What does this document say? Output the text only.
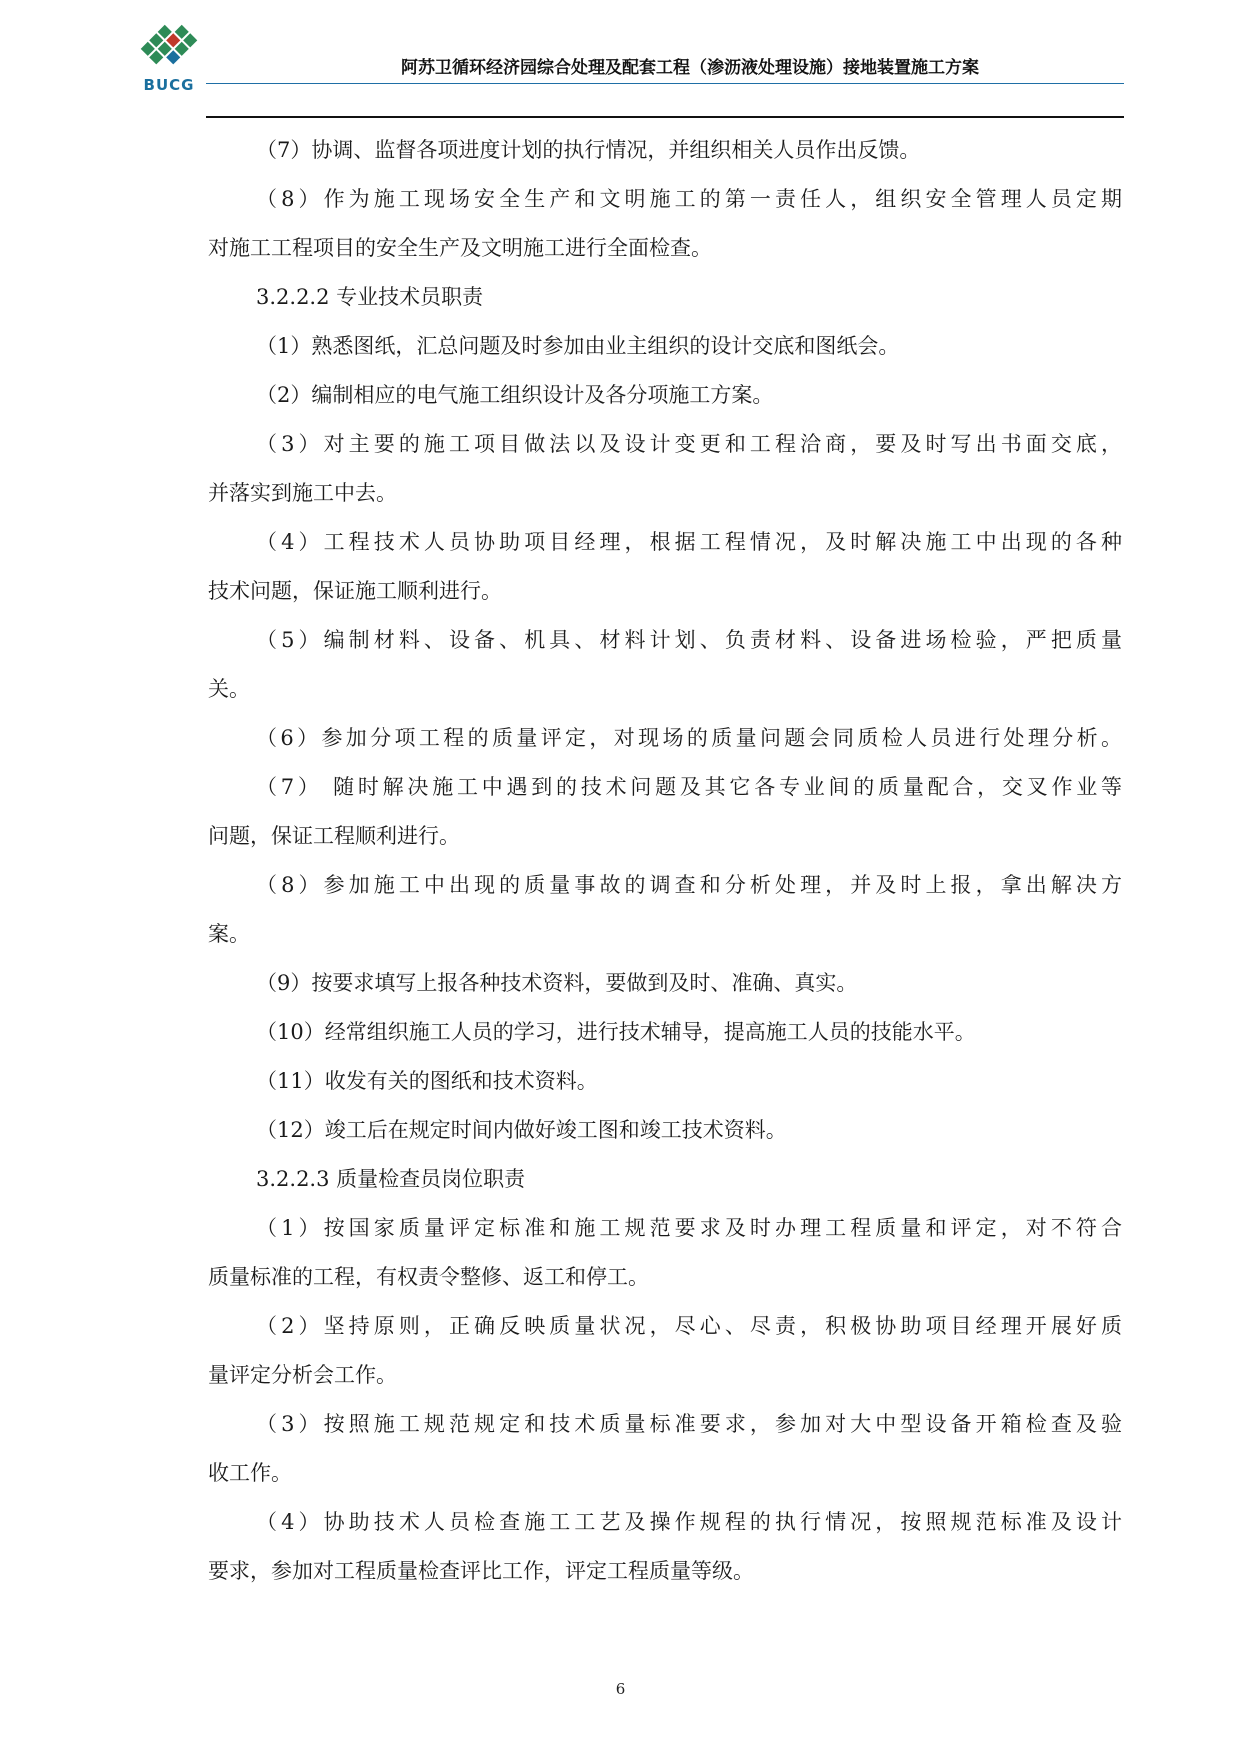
BUCG
阿苏卫循环经济园综合处理及配套工程（渗沥液处理设施）接地装置施工方案
（7）协调、监督各项进度计划的执行情况，并组织相关人员作出反馈。
（8）作为施工现场安全生产和文明施工的第一责任人，组织安全管理人员定期
对施工工程项目的安全生产及文明施工进行全面检查。
3.2.2.2 专业技术员职责
（1）熟悉图纸，汇总问题及时参加由业主组织的设计交底和图纸会。
（2）编制相应的电气施工组织设计及各分项施工方案。
（3）对主要的施工项目做法以及设计变更和工程洽商，要及时写出书面交底，
并落实到施工中去。
（4）工程技术人员协助项目经理，根据工程情况，及时解决施工中出现的各种
技术问题，保证施工顺利进行。
（5）编制材料、设备、机具、材料计划、负责材料、设备进场检验，严把质量
关。
（6）参加分项工程的质量评定，对现场的质量问题会同质检人员进行处理分析。
（7） 随时解决施工中遇到的技术问题及其它各专业间的质量配合，交叉作业等
问题，保证工程顺利进行。
（8）参加施工中出现的质量事故的调查和分析处理，并及时上报，拿出解决方
案。
（9）按要求填写上报各种技术资料，要做到及时、准确、真实。
（10）经常组织施工人员的学习，进行技术辅导，提高施工人员的技能水平。
（11）收发有关的图纸和技术资料。
（12）竣工后在规定时间内做好竣工图和竣工技术资料。
3.2.2.3 质量检查员岗位职责
（1）按国家质量评定标准和施工规范要求及时办理工程质量和评定，对不符合
质量标准的工程，有权责令整修、返工和停工。
（2）坚持原则，正确反映质量状况，尽心、尽责，积极协助项目经理开展好质
量评定分析会工作。
（3）按照施工规范规定和技术质量标准要求，参加对大中型设备开箱检查及验
收工作。
（4）协助技术人员检查施工工艺及操作规程的执行情况，按照规范标准及设计
要求，参加对工程质量检查评比工作，评定工程质量等级。
6
